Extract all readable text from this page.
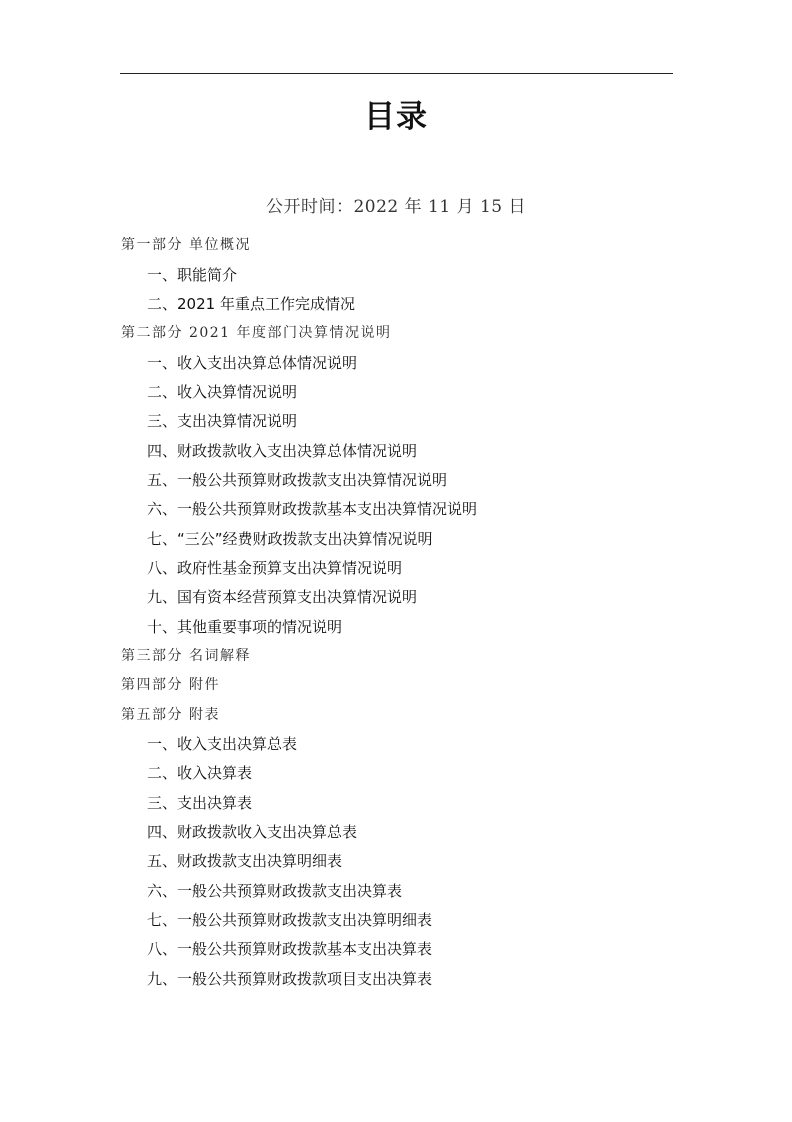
目录
公开时间：2022 年 11 月 15 日
第一部分 单位概况
一、职能简介
二、2021 年重点工作完成情况
第二部分 2021 年度部门决算情况说明
一、收入支出决算总体情况说明
二、收入决算情况说明
三、支出决算情况说明
四、财政拨款收入支出决算总体情况说明
五、一般公共预算财政拨款支出决算情况说明
六、一般公共预算财政拨款基本支出决算情况说明
七、“三公”经费财政拨款支出决算情况说明
八、政府性基金预算支出决算情况说明
九、国有资本经营预算支出决算情况说明
十、其他重要事项的情况说明
第三部分 名词解释
第四部分 附件
第五部分 附表
一、收入支出决算总表
二、收入决算表
三、支出决算表
四、财政拨款收入支出决算总表
五、财政拨款支出决算明细表
六、一般公共预算财政拨款支出决算表
七、一般公共预算财政拨款支出决算明细表
八、一般公共预算财政拨款基本支出决算表
九、一般公共预算财政拨款项目支出决算表
